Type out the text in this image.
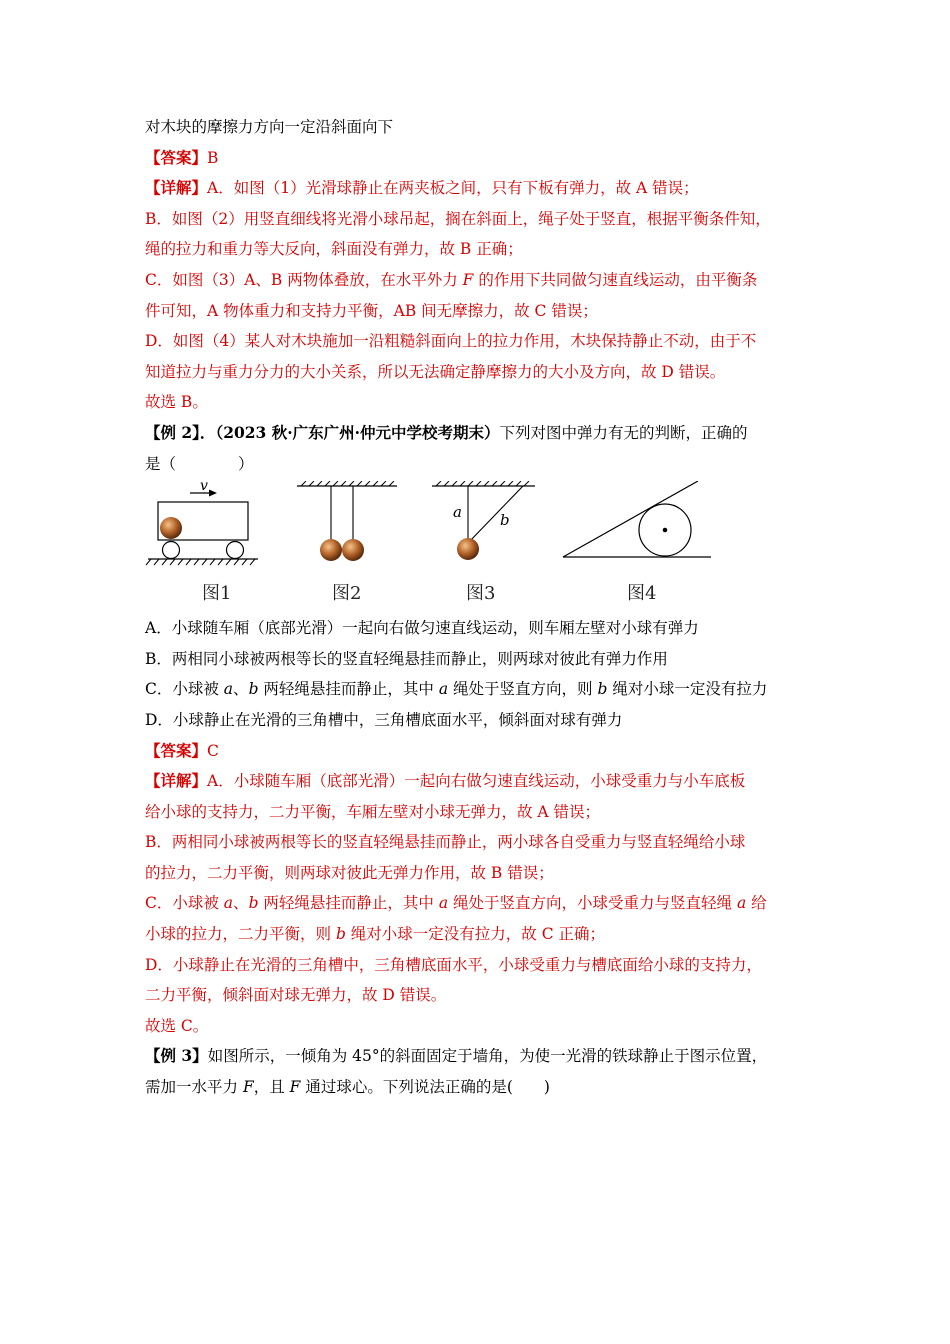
对木块的摩擦力方向一定沿斜面向下
【答案】B
【详解】A．如图（1）光滑球静止在两夹板之间，只有下板有弹力，故 A 错误；
B．如图（2）用竖直细线将光滑小球吊起，搁在斜面上，绳子处于竖直，根据平衡条件知，
绳的拉力和重力等大反向，斜面没有弹力，故 B 正确；
C．如图（3）A、B 两物体叠放，在水平外力 F 的作用下共同做匀速直线运动，由平衡条
件可知，A 物体重力和支持力平衡，AB 间无摩擦力，故 C 错误；
D．如图（4）某人对木块施加一沿粗糙斜面向上的拉力作用，木块保持静止不动，由于不
知道拉力与重力分力的大小关系，所以无法确定静摩擦力的大小及方向，故 D 错误。
故选 B。
【例 2】．（2023 秋·广东广州·仲元中学校考期末）下列对图中弹力有无的判断，正确的
是（　　　　）
v
a	b
图1	图2	图3	图4
A．小球随车厢（底部光滑）一起向右做匀速直线运动，则车厢左壁对小球有弹力
B．两相同小球被两根等长的竖直轻绳悬挂而静止，则两球对彼此有弹力作用
C．小球被 a、b 两轻绳悬挂而静止，其中 a 绳处于竖直方向，则 b 绳对小球一定没有拉力
D．小球静止在光滑的三角槽中，三角槽底面水平，倾斜面对球有弹力
【答案】C
【详解】A．小球随车厢（底部光滑）一起向右做匀速直线运动，小球受重力与小车底板
给小球的支持力，二力平衡，车厢左壁对小球无弹力，故 A 错误；
B．两相同小球被两根等长的竖直轻绳悬挂而静止，两小球各自受重力与竖直轻绳给小球
的拉力，二力平衡，则两球对彼此无弹力作用，故 B 错误；
C．小球被 a、b 两轻绳悬挂而静止，其中 a 绳处于竖直方向，小球受重力与竖直轻绳 a 给
小球的拉力，二力平衡，则 b 绳对小球一定没有拉力，故 C 正确；
D．小球静止在光滑的三角槽中，三角槽底面水平，小球受重力与槽底面给小球的支持力，
二力平衡，倾斜面对球无弹力，故 D 错误。
故选 C。
【例 3】如图所示，一倾角为 45°的斜面固定于墙角，为使一光滑的铁球静止于图示位置，
需加一水平力 F，且 F 通过球心。下列说法正确的是(　　)
